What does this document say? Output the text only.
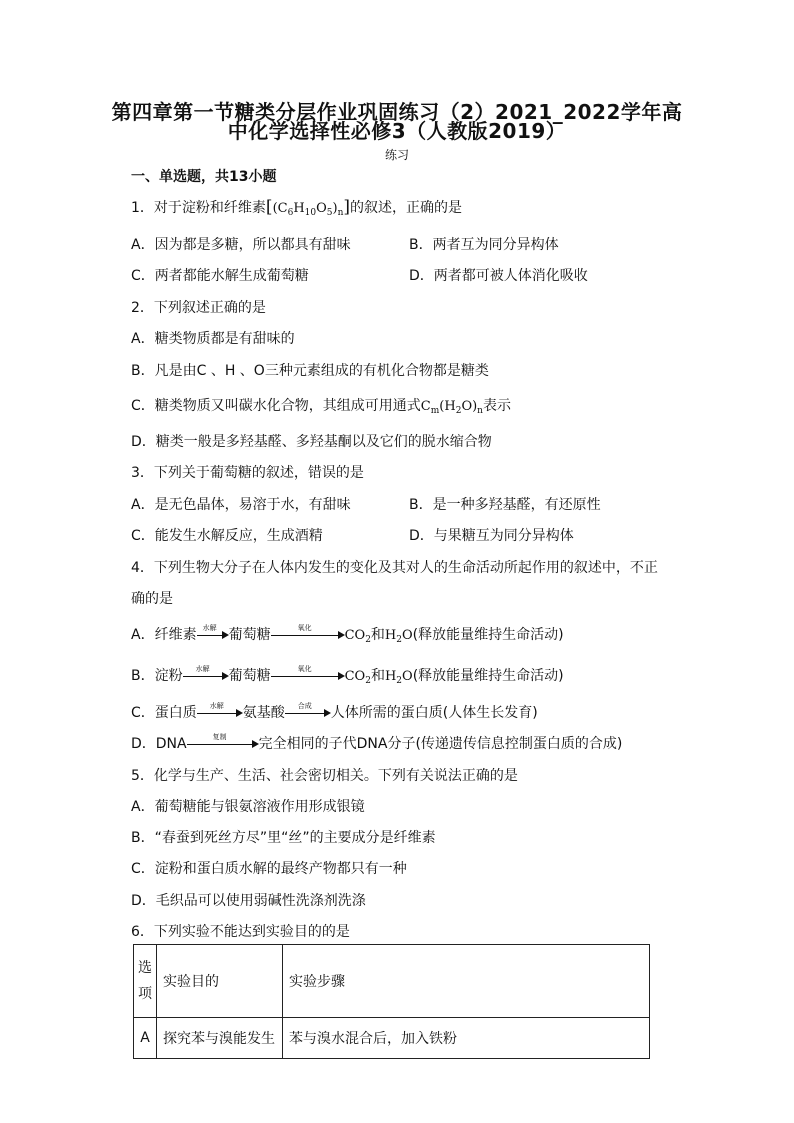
第四章第一节糖类分层作业巩固练习（2）2021_2022学年高
中化学选择性必修3（人教版2019）
练习
一、单选题，共13小题
1．对于淀粉和纤维素$[(C_6H_{10}O_5)_n]$的叙述，正确的是
A．因为都是多糖，所以都具有甜味	B．两者互为同分异构体
C．两者都能水解生成葡萄糖	D．两者都可被人体消化吸收
2．下列叙述正确的是
A．糖类物质都是有甜味的
B．凡是由C 、H 、O三种元素组成的有机化合物都是糖类
C．糖类物质又叫碳水化合物，其组成可用通式$C_m(H_2O)_n$表示
D．糖类一般是多羟基醛、多羟基酮以及它们的脱水缩合物
3．下列关于葡萄糖的叙述，错误的是
A．是无色晶体，易溶于水，有甜味	B．是一种多羟基醛，有还原性
C．能发生水解反应，生成酒精	D．与果糖互为同分异构体
4．下列生物大分子在人体内发生的变化及其对人的生命活动所起作用的叙述中，不正
确的是
A．纤维素 水解 葡萄糖	氧化	$CO_2$和$H_2O$(释放能量维持生命活动)
B．淀粉	水解	葡萄糖	氧化	$CO_2$和$H_2O$(释放能量维持生命活动)
C．蛋白质	水解	氨基酸	合成	人体所需的蛋白质(人体生长发育)
D．DNA	复制	完全相同的子代DNA分子(传递遗传信息控制蛋白质的合成)
5．化学与生产、生活、社会密切相关。下列有关说法正确的是
A．葡萄糖能与银氨溶液作用形成银镜
B．“春蚕到死丝方尽”里“丝”的主要成分是纤维素
C．淀粉和蛋白质水解的最终产物都只有一种
D．毛织品可以使用弱碱性洗涤剂洗涤
6．下列实验不能达到实验目的的是
选项	实验目的	实验步骤
A	探究苯与溴能发生	苯与溴水混合后，加入铁粉
